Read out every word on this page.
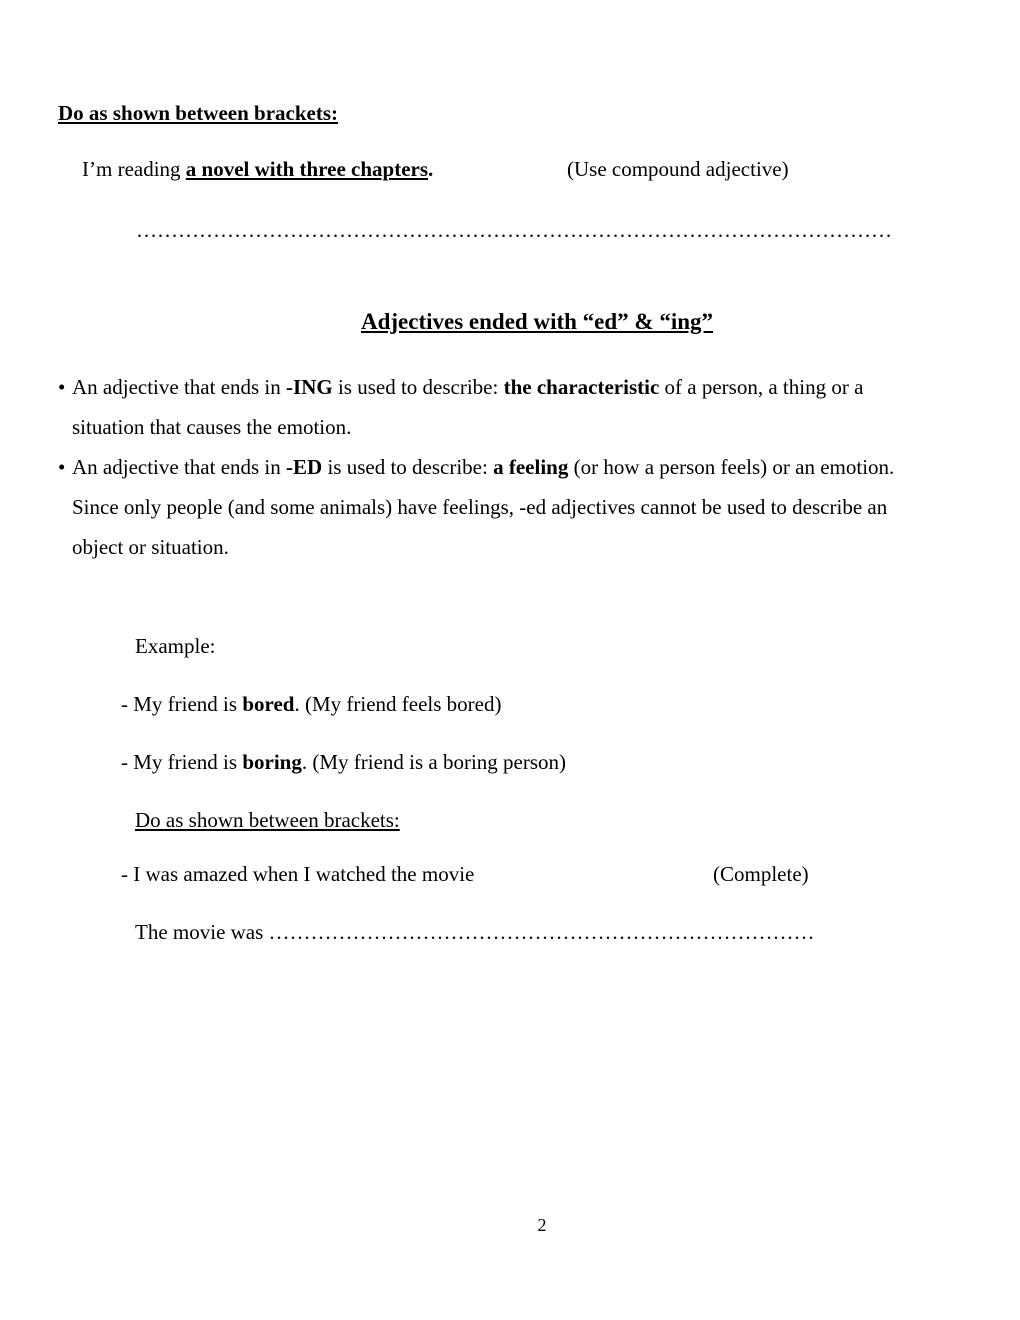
Do as shown between brackets:
I’m reading a novel with three chapters.	(Use compound adjective)
………………………………………………………………………………………………
Adjectives ended with “ed” & “ing”
• An adjective that ends in -ING is used to describe: the characteristic of a person, a thing or a
situation that causes the emotion.
• An adjective that ends in -ED is used to describe: a feeling (or how a person feels) or an emotion.
Since only people (and some animals) have feelings, -ed adjectives cannot be used to describe an
object or situation.
Example:
- My friend is bored. (My friend feels bored)
- My friend is boring. (My friend is a boring person)
Do as shown between brackets:
- I was amazed when I watched the movie	(Complete)
The movie was ……………………………………………………………………
2
